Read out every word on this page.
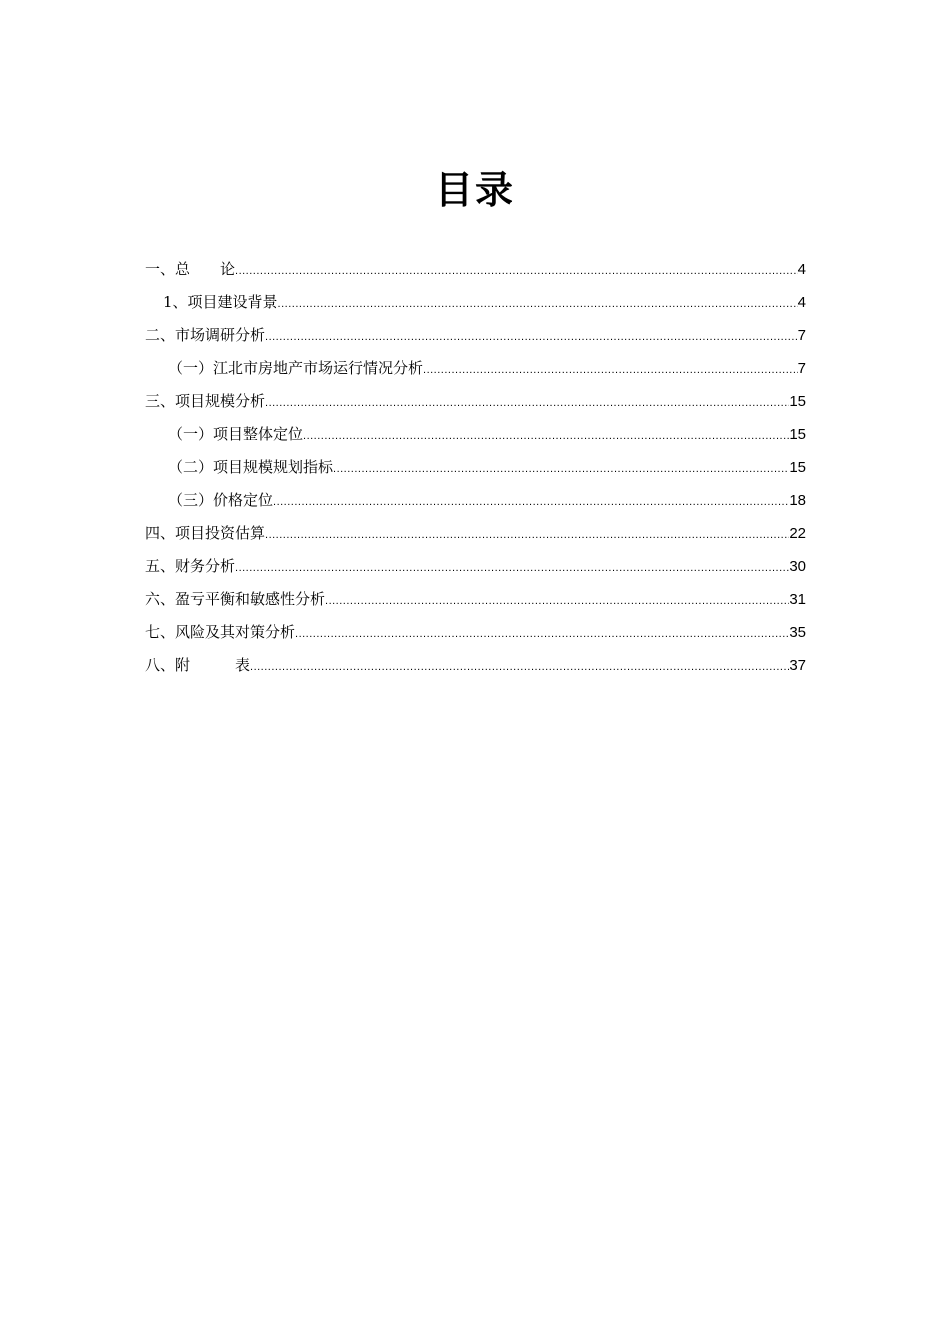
目录
一、总　　论 .....	4
1、项目建设背景 .....	4
二、市场调研分析 .....	7
（一）江北市房地产市场运行情况分析 .....	7
三、项目规模分析 .....	15
（一）项目整体定位 .....	15
（二）项目规模规划指标 .....	15
（三）价格定位 .....	18
四、项目投资估算 .....	22
五、财务分析 .....	30
六、盈亏平衡和敏感性分析 .....	31
七、风险及其对策分析 .....	35
八、附　　　表 .....	37
